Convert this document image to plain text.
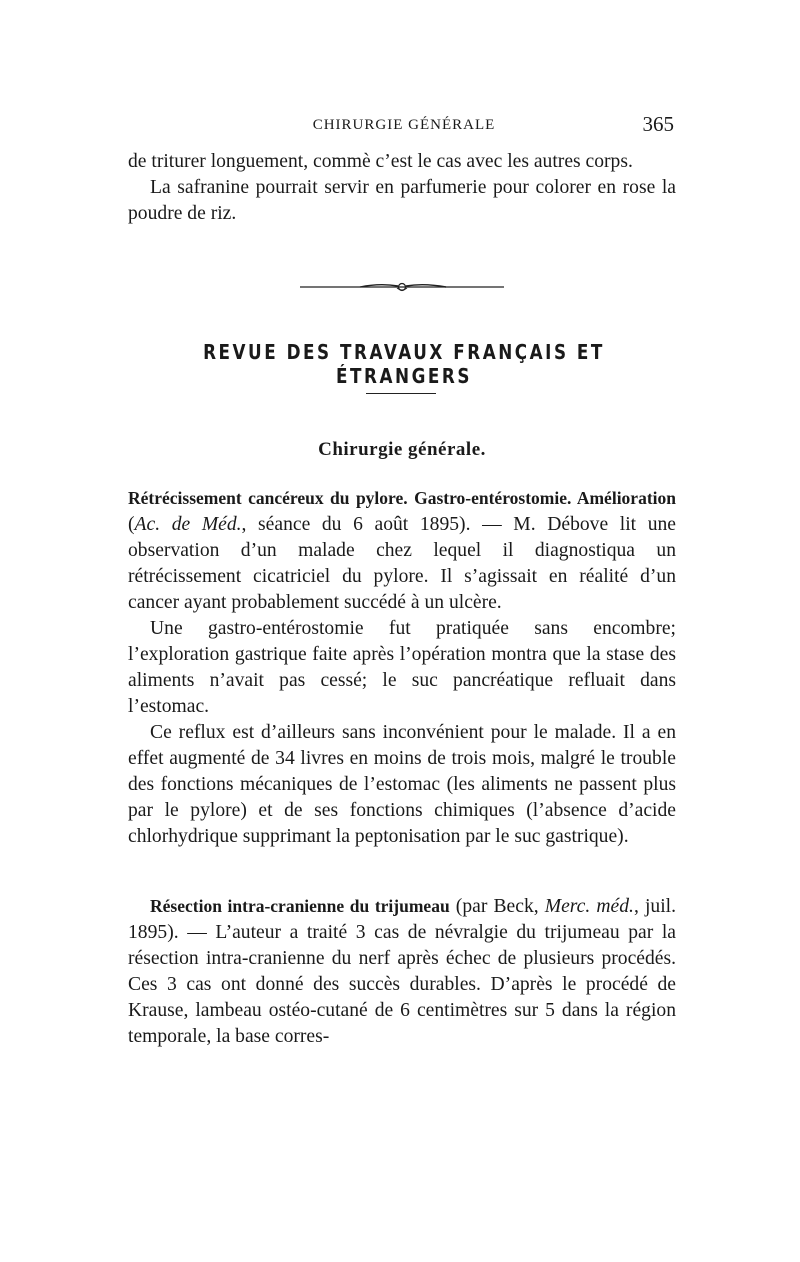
CHIRURGIE GÉNÉRALE	365

de triturer longuement, commè c’est le cas avec les autres corps.

La safranine pourrait servir en parfumerie pour colorer en rose la poudre de riz.

REVUE DES TRAVAUX FRANÇAIS ET ÉTRANGERS
Chirurgie générale.

Rétrécissement cancéreux du pylore. Gastro-entérostomie. Amélioration (Ac. de Méd., séance du 6 août 1895). — M. Débove lit une observation d’un malade chez lequel il diagnostiqua un rétrécissement cicatriciel du pylore. Il s’agissait en réalité d’un cancer ayant probablement succédé à un ulcère.

Une gastro-entérostomie fut pratiquée sans encombre; l’exploration gastrique faite après l’opération montra que la stase des aliments n’avait pas cessé; le suc pancréatique refluait dans l’estomac.

Ce reflux est d’ailleurs sans inconvénient pour le malade. Il a en effet augmenté de 34 livres en moins de trois mois, malgré le trouble des fonctions mécaniques de l’estomac (les aliments ne passent plus par le pylore) et de ses fonctions chimiques (l’absence d’acide chlorhydrique supprimant la peptonisation par le suc gastrique).

Résection intra-cranienne du trijumeau (par Beck, Merc. méd., juil. 1895). — L’auteur a traité 3 cas de névralgie du trijumeau par la résection intra-cranienne du nerf après échec de plusieurs procédés. Ces 3 cas ont donné des succès durables. D’après le procédé de Krause, lambeau ostéo-cutané de 6 centimètres sur 5 dans la région temporale, la base corres-
